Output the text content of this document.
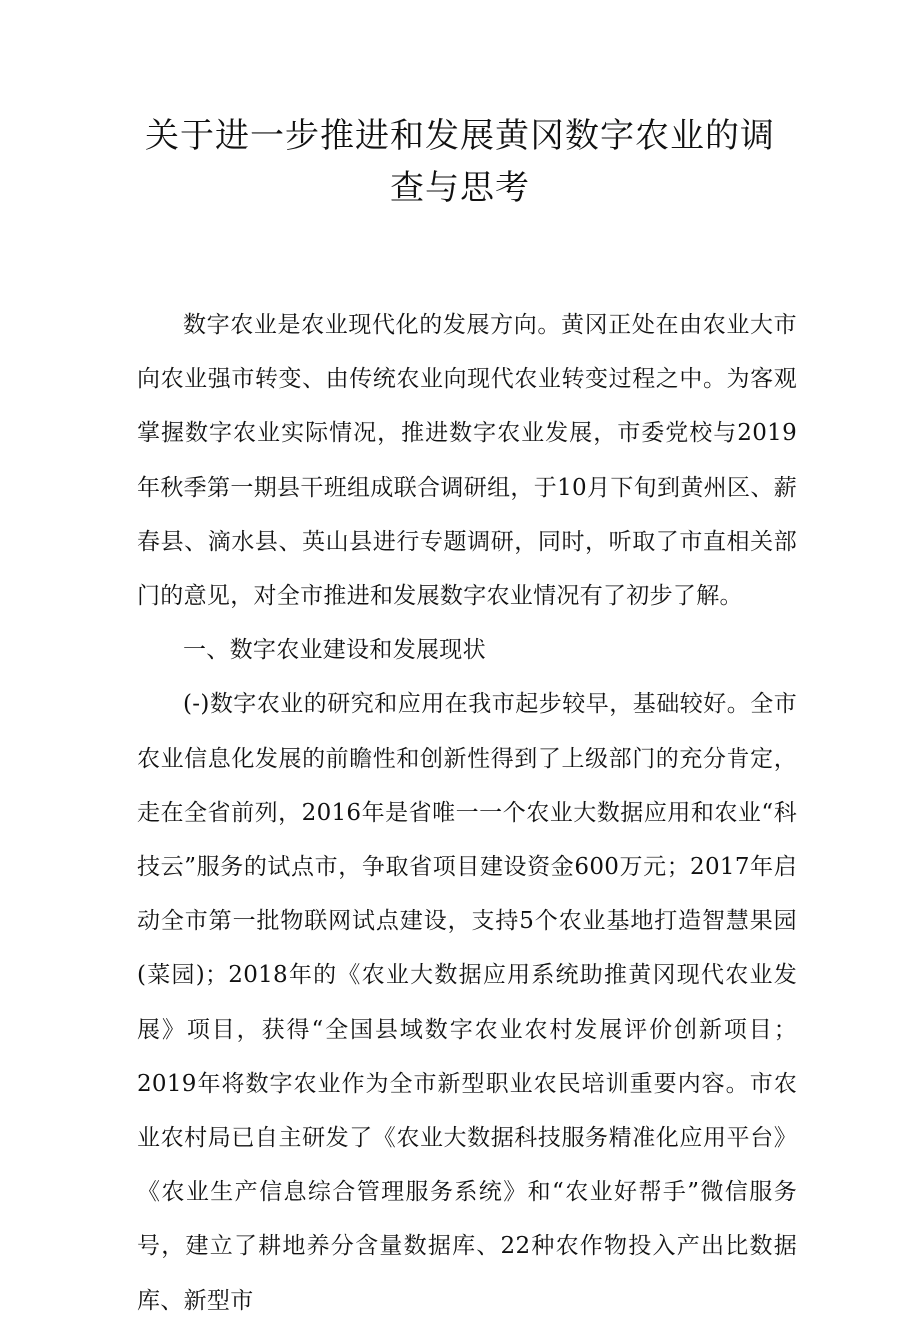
关于进一步推进和发展黄冈数字农业的调
查与思考

数字农业是农业现代化的发展方向。黄冈正处在由农业大市向农业强市转变、由传统农业向现代农业转变过程之中。为客观掌握数字农业实际情况，推进数字农业发展，市委党校与2019年秋季第一期县干班组成联合调研组，于10月下旬到黄州区、薪春县、滴水县、英山县进行专题调研，同时，听取了市直相关部门的意见，对全市推进和发展数字农业情况有了初步了解。

一、数字农业建设和发展现状

(-)数字农业的研究和应用在我市起步较早，基础较好。全市农业信息化发展的前瞻性和创新性得到了上级部门的充分肯定，走在全省前列，2016年是省唯一一个农业大数据应用和农业“科技云”服务的试点市，争取省项目建设资金600万元；2017年启动全市第一批物联网试点建设，支持5个农业基地打造智慧果园(菜园)；2018年的《农业大数据应用系统助推黄冈现代农业发展》项目，获得“全国县域数字农业农村发展评价创新项目；2019年将数字农业作为全市新型职业农民培训重要内容。市农业农村局已自主研发了《农业大数据科技服务精准化应用平台》《农业生产信息综合管理服务系统》和“农业好帮手”微信服务号，建立了耕地养分含量数据库、22种农作物投入产出比数据库、新型市
